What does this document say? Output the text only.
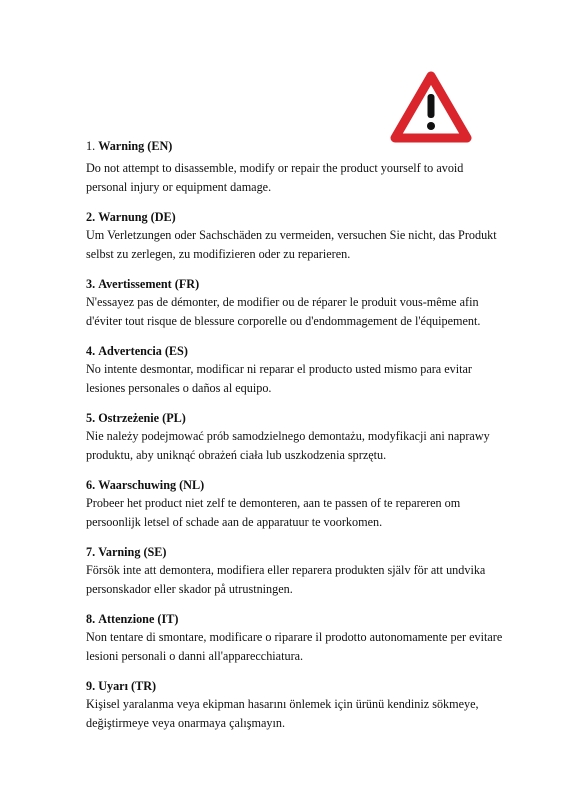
1. Warning (EN)

Do not attempt to disassemble, modify or repair the product yourself to avoid personal injury or equipment damage.

2. Warnung (DE)

Um Verletzungen oder Sachschäden zu vermeiden, versuchen Sie nicht, das Produkt selbst zu zerlegen, zu modifizieren oder zu reparieren.

3. Avertissement (FR)

N'essayez pas de démonter, de modifier ou de réparer le produit vous-même afin d'éviter tout risque de blessure corporelle ou d'endommagement de l'équipement.

4. Advertencia (ES)

No intente desmontar, modificar ni reparar el producto usted mismo para evitar lesiones personales o daños al equipo.

5. Ostrzeżenie (PL)

Nie należy podejmować prób samodzielnego demontażu, modyfikacji ani naprawy produktu, aby uniknąć obrażeń ciała lub uszkodzenia sprzętu.

6. Waarschuwing (NL)

Probeer het product niet zelf te demonteren, aan te passen of te repareren om persoonlijk letsel of schade aan de apparatuur te voorkomen.

7. Varning (SE)

Försök inte att demontera, modifiera eller reparera produkten själv för att undvika personskador eller skador på utrustningen.

8. Attenzione (IT)

Non tentare di smontare, modificare o riparare il prodotto autonomamente per evitare lesioni personali o danni all'apparecchiatura.

9. Uyarı (TR)

Kişisel yaralanma veya ekipman hasarını önlemek için ürünü kendiniz sökmeye, değiştirmeye veya onarmaya çalışmayın.
